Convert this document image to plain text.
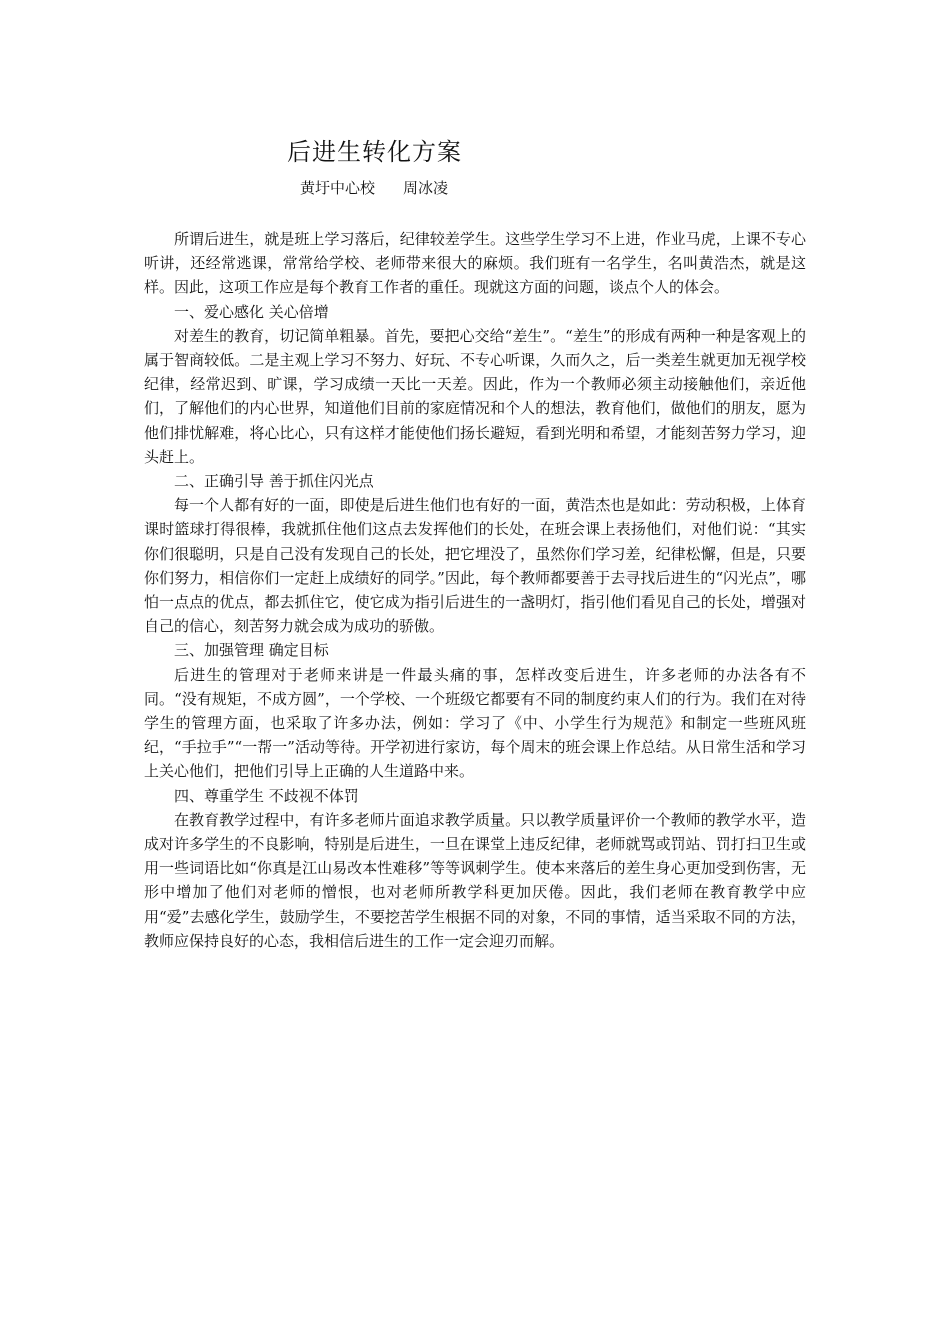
后进生转化方案
黄圩中心校 周冰凌

所谓后进生，就是班上学习落后，纪律较差学生。这些学生学习不上进，作业马虎，上课不专心听讲，还经常逃课，常常给学校、老师带来很大的麻烦。我们班有一名学生，名叫黄浩杰，就是这样。因此，这项工作应是每个教育工作者的重任。现就这方面的问题，谈点个人的体会。

一、爱心感化 关心倍增

对差生的教育，切记简单粗暴。首先，要把心交给“差生”。“差生”的形成有两种一种是客观上的属于智商较低。二是主观上学习不努力、好玩、不专心听课，久而久之，后一类差生就更加无视学校纪律，经常迟到、旷课，学习成绩一天比一天差。因此，作为一个教师必须主动接触他们，亲近他们，了解他们的内心世界，知道他们目前的家庭情况和个人的想法，教育他们，做他们的朋友，愿为他们排忧解难，将心比心，只有这样才能使他们扬长避短，看到光明和希望，才能刻苦努力学习，迎头赶上。

二、正确引导 善于抓住闪光点

每一个人都有好的一面，即使是后进生他们也有好的一面，黄浩杰也是如此：劳动积极，上体育课时篮球打得很棒，我就抓住他们这点去发挥他们的长处，在班会课上表扬他们，对他们说：“其实你们很聪明，只是自己没有发现自己的长处，把它埋没了，虽然你们学习差，纪律松懈，但是，只要你们努力，相信你们一定赶上成绩好的同学。”因此，每个教师都要善于去寻找后进生的“闪光点”，哪怕一点点的优点，都去抓住它，使它成为指引后进生的一盏明灯，指引他们看见自己的长处，增强对自己的信心，刻苦努力就会成为成功的骄傲。

三、加强管理 确定目标

后进生的管理对于老师来讲是一件最头痛的事，怎样改变后进生，许多老师的办法各有不同。“没有规矩，不成方圆”，一个学校、一个班级它都要有不同的制度约束人们的行为。我们在对待学生的管理方面，也采取了许多办法，例如：学习了《中、小学生行为规范》和制定一些班风班纪，“手拉手”“一帮一”活动等待。开学初进行家访，每个周末的班会课上作总结。从日常生活和学习上关心他们，把他们引导上正确的人生道路中来。

四、尊重学生 不歧视不体罚

在教育教学过程中，有许多老师片面追求教学质量。只以教学质量评价一个教师的教学水平，造成对许多学生的不良影响，特别是后进生，一旦在课堂上违反纪律，老师就骂或罚站、罚打扫卫生或用一些词语比如“你真是江山易改本性难移”等等讽刺学生。使本来落后的差生身心更加受到伤害，无形中增加了他们对老师的憎恨，也对老师所教学科更加厌倦。因此，我们老师在教育教学中应用“爱”去感化学生，鼓励学生，不要挖苦学生根据不同的对象，不同的事情，适当采取不同的方法，教师应保持良好的心态，我相信后进生的工作一定会迎刃而解。
